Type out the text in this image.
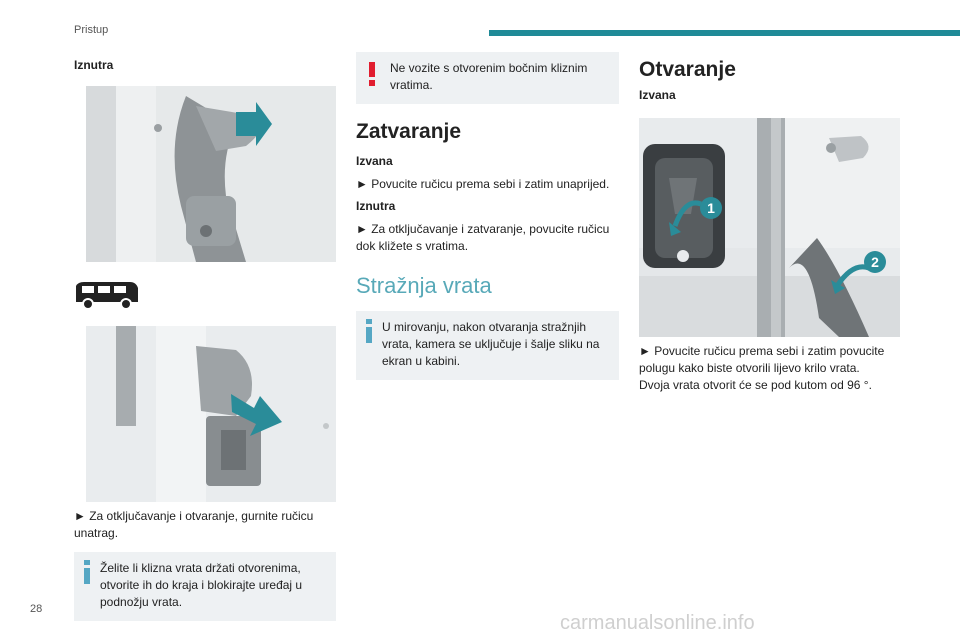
Pristup
Iznutra
► Za otključavanje i otvaranje, gurnite ručicu unatrag.
Želite li klizna vrata držati otvorenima, otvorite ih do kraja i blokirajte uređaj u podnožju vrata.
Ne vozite s otvorenim bočnim kliznim vratima.
Zatvaranje
Izvana
► Povucite ručicu prema sebi i zatim unaprijed.
Iznutra
► Za otključavanje i zatvaranje, povucite ručicu dok kližete s vratima.
Stražnja vrata
U mirovanju, nakon otvaranja stražnjih vrata, kamera se uključuje i šalje sliku na ekran u kabini.
Otvaranje
Izvana
1
2
► Povucite ručicu prema sebi i zatim povucite polugu kako biste otvorili lijevo krilo vrata.
Dvoja vrata otvorit će se pod kutom od 96 °.
28
carmanualsonline.info
